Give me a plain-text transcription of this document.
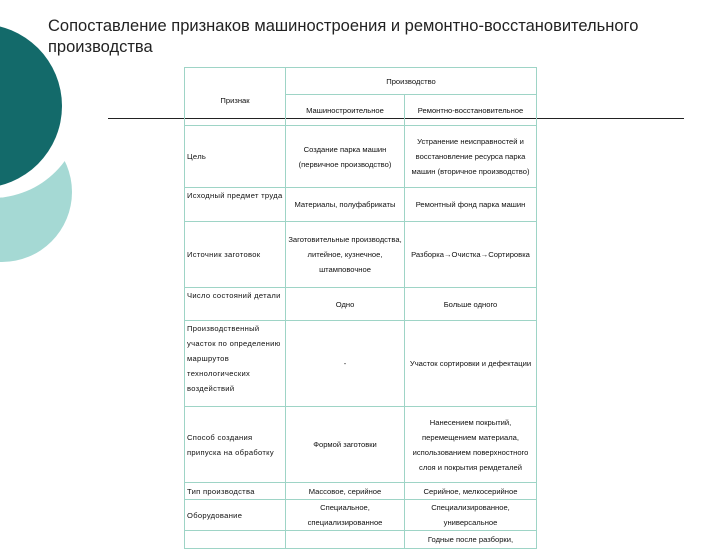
Сопоставление признаков машиностроения и ремонтно-восстановительного производства
Признак	Производство	
	Машиностроительное	Ремонтно-восстановительное
Цель	Создание парка машин (первичное производство)	Устранение неисправностей и восстановление ресурса парка машин (вторичное производство)
Исходный предмет труда	Материалы, полуфабрикаты	Ремонтный фонд парка машин
Источник заготовок	Заготовительные производства, литейное, кузнечное, штамповочное	Разборка→Очистка→Сортировка
Число состояний детали	Одно	Больше одного
Производственный участок по определению маршрутов технологических воздействий	-	Участок сортировки и дефектации
Способ создания припуска на обработку	Формой заготовки	Нанесением покрытий, перемещением материала, использованием поверхностного слоя и покрытия ремдеталей
Тип производства	Массовое, серийное	Серийное, мелкосерийное
Оборудование	Специальное, специализированное	Специализированное, универсальное
		Годные после разборки,
